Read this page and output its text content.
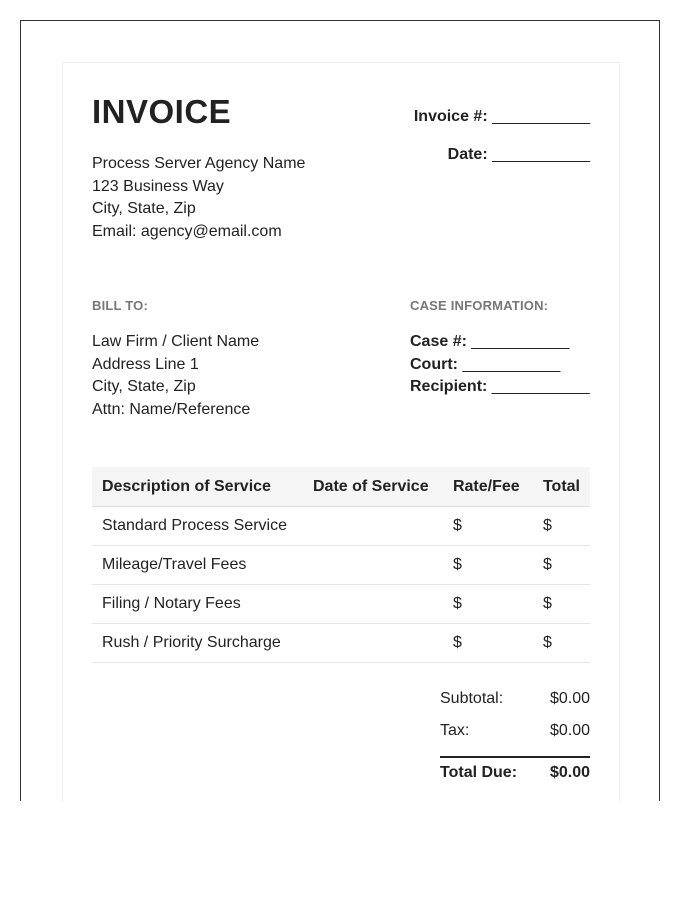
INVOICE
Process Server Agency Name
123 Business Way
City, State, Zip
Email: agency@email.com
Invoice #: ___________
Date: ___________
BILL TO:	CASE INFORMATION:
Law Firm / Client Name
Address Line 1
City, State, Zip
Attn: Name/Reference
Case #: ___________
Court: ___________
Recipient: ___________
Description of Service	Date of Service	Rate/Fee	Total
Standard Process Service		$	$
Mileage/Travel Fees		$	$
Filing / Notary Fees		$	$
Rush / Priority Surcharge		$	$
Subtotal:	$0.00
Tax:	$0.00
Total Due: $0.00
